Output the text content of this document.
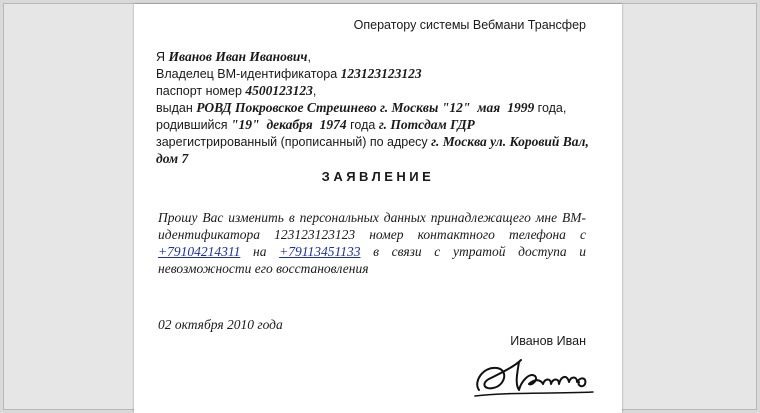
Оператору системы Вебмани Трансфер
Я Иванов Иван Иванович,
Владелец ВМ-идентификатора 123123123123
паспорт номер 4500123123,
выдан РОВД Покровское Стрешнево г. Москвы "12" мая 1999 года,
родившийся "19" декабря 1974 года г. Потсдам ГДР
зарегистрированный (прописанный) по адресу г. Москва ул. Коровий Вал,
дом 7
ЗАЯВЛЕНИЕ
Прошу Вас изменить в персональных данных принадлежащего мне ВМ-идентификатора 123123123123 номер контактного телефона с +79104214311 на +79113451133 в связи с утратой доступа и невозможности его восстановления
02 октября 2010 года
Иванов Иван
